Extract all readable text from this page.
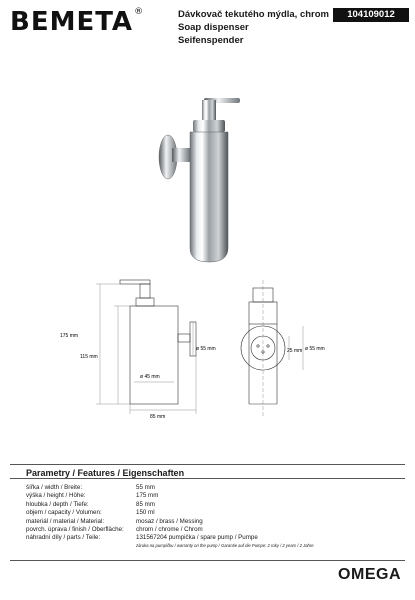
BEMETA®	Dávkovač tekutého mýdla, chrom
Soap dispenser
Seifenspender
104109012
175 mm
115 mm
ø 45 mm
85 mm
ø 55 mm	25 mm ø 55 mm
Parametry / Features / Eigenschaften
šířka / width / Breite:	55 mm
výška / height / Höhe:	175 mm
hloubka / depth / Tiefe:	85 mm
objem / capacity / Volumen:	150 ml
materiál / material / Material:	mosaz / brass / Messing
povrch. úprava / finish / Oberfläche:	chrom / chrome / Chrom
náhradní díly / parts / Teile:	131567204 pumpička / spare pump / Pumpe
záruka na pumpičku / warranty on the pump / Garantie auf die Pumpe: 2 roky / 2 years / 2 Jahre
OMEGA
